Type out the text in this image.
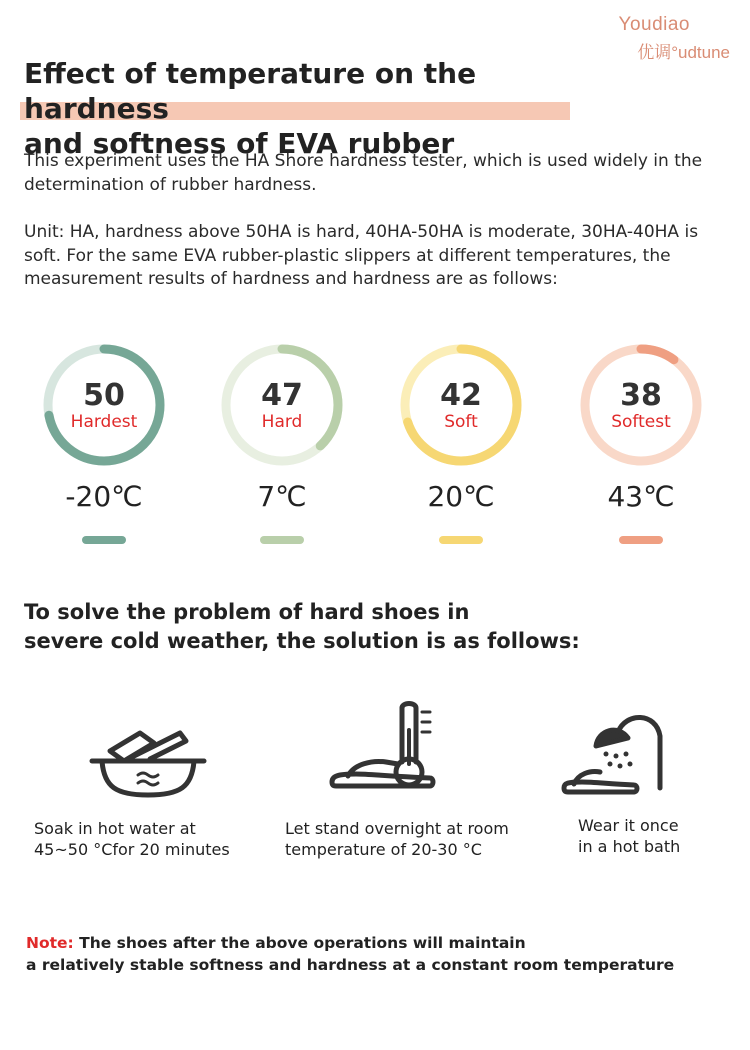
Youdiao
优调°udtune
Effect of temperature on the hardness
and softness of EVA rubber

This experiment uses the HA Shore hardness tester, which is used widely in the determination of rubber hardness.

Unit: HA, hardness above 50HA is hard, 40HA-50HA is moderate, 30HA-40HA is soft. For the same EVA rubber-plastic slippers at different temperatures, the measurement results of hardness and hardness are as follows:

50
Hardest
-20℃
47
Hard
7℃
42
Soft
20℃
38
Softest
43℃
To solve the problem of hard shoes in
severe cold weather, the solution is as follows:
Soak in hot water at
45~50 °Cfor 20 minutes
Let stand overnight at room
temperature of 20-30 °C
Wear it once
in a hot bath
Note: The shoes after the above operations will maintain
a relatively stable softness and hardness at a constant room temperature
